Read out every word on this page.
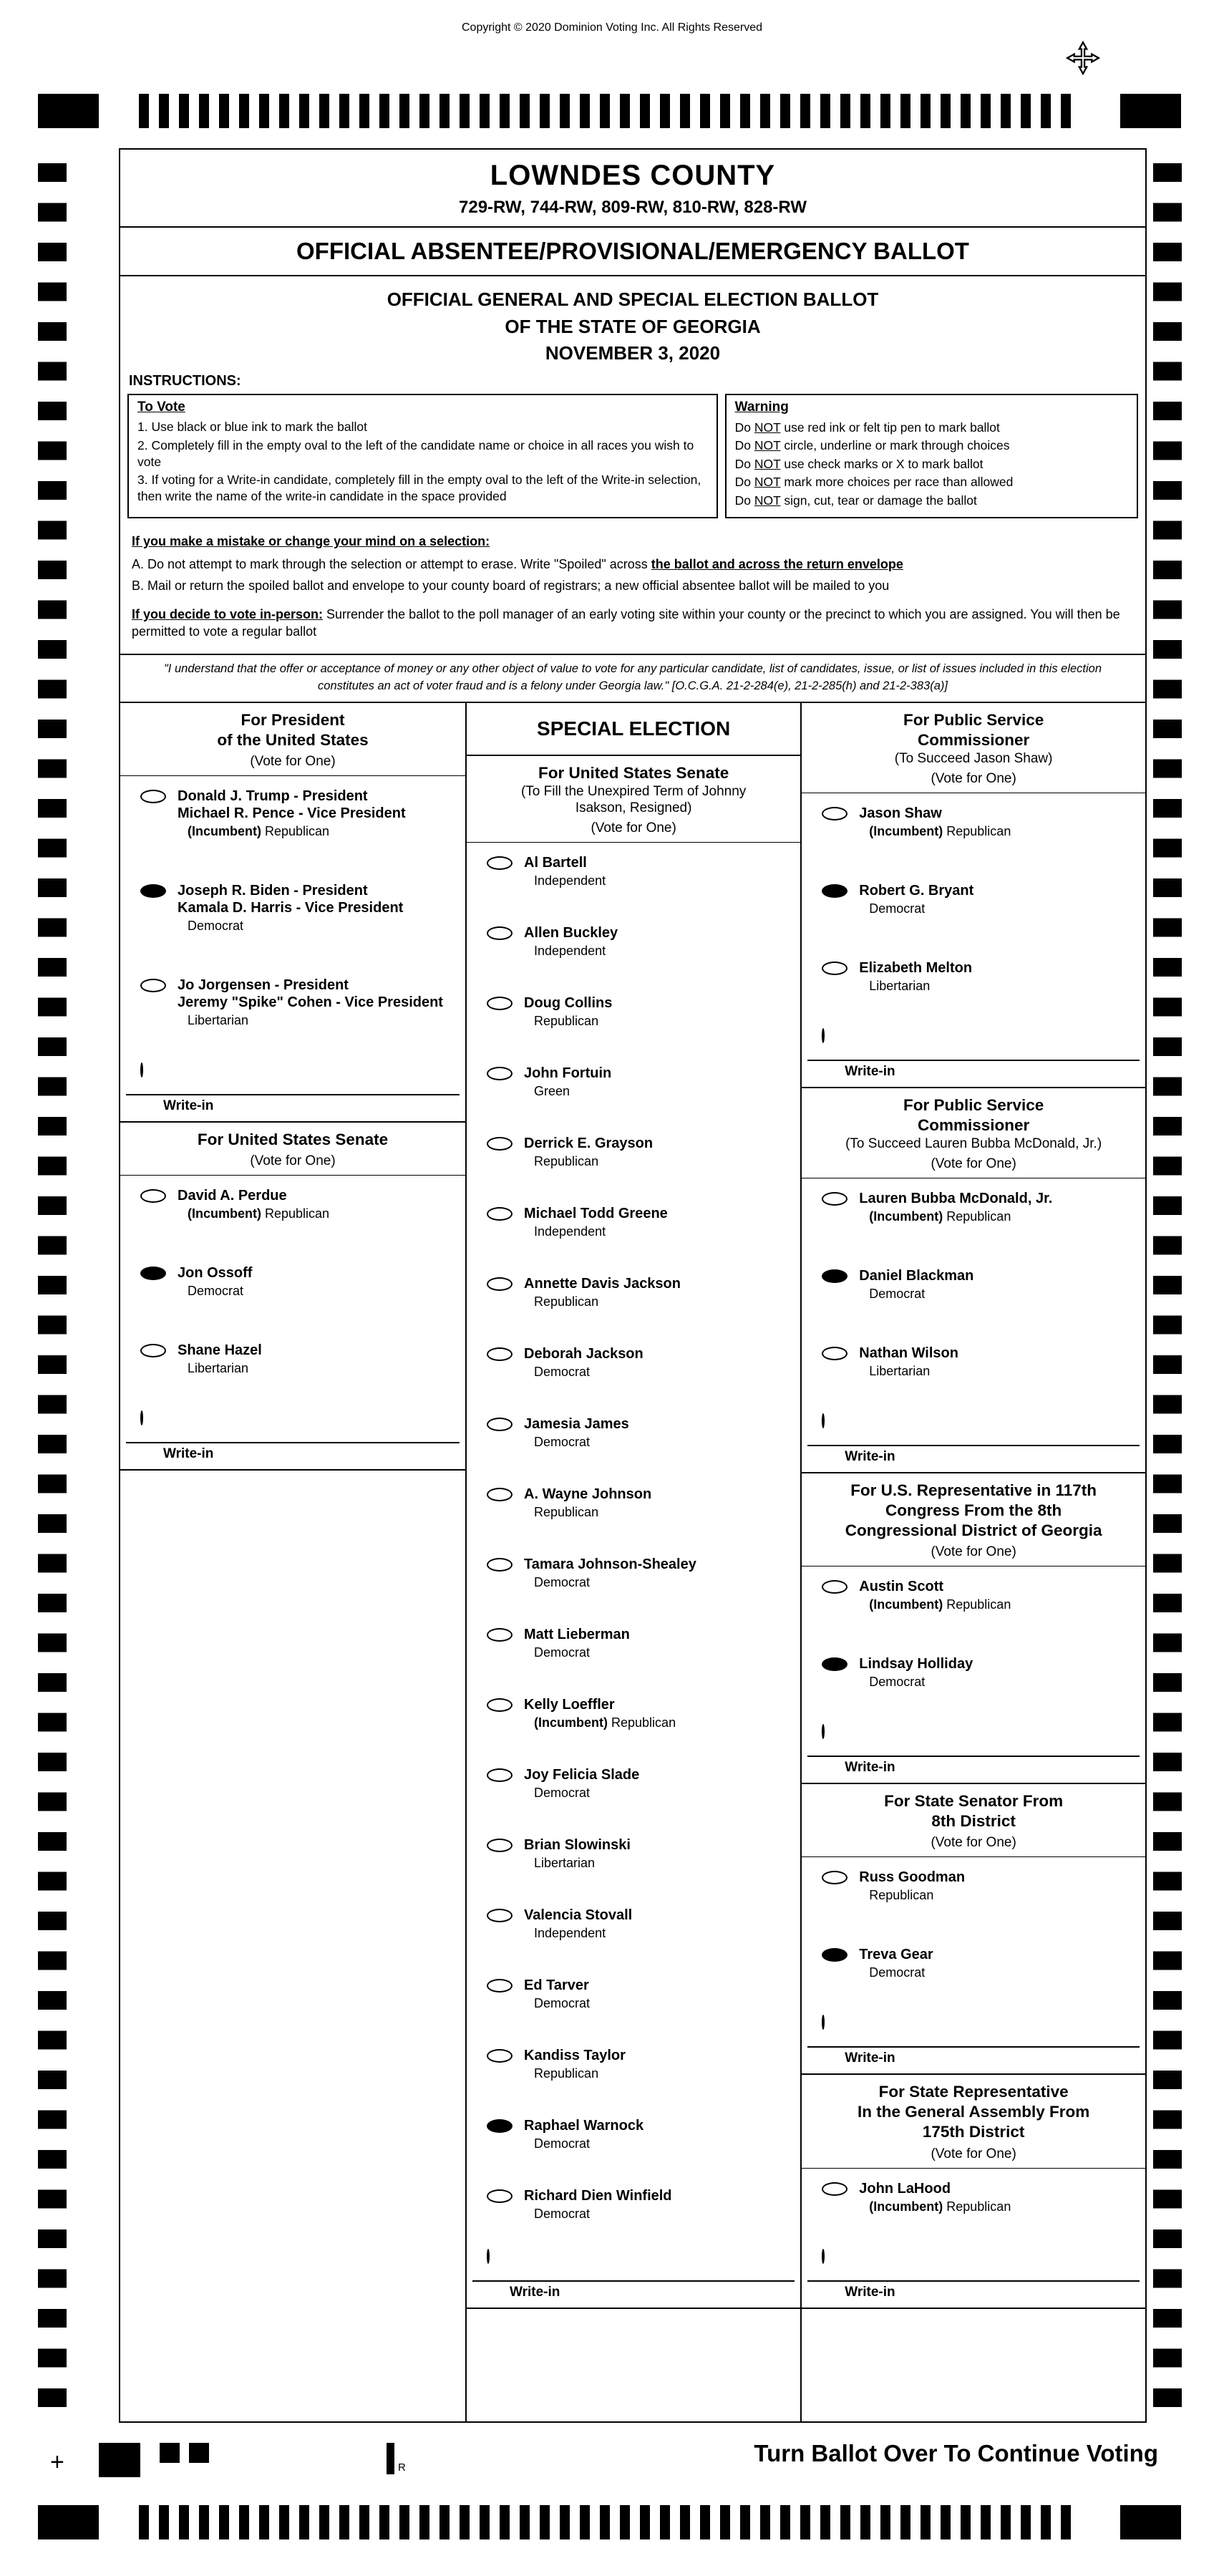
Copyright © 2020 Dominion Voting Inc. All Rights Reserved
LOWNDES COUNTY
729-RW, 744-RW, 809-RW, 810-RW, 828-RW
OFFICIAL ABSENTEE/PROVISIONAL/EMERGENCY BALLOT
OFFICIAL GENERAL AND SPECIAL ELECTION BALLOT
OF THE STATE OF GEORGIA
NOVEMBER 3, 2020
INSTRUCTIONS:
To Vote
1. Use black or blue ink to mark the ballot
2. Completely fill in the empty oval to the left of the candidate name or choice in all races you wish to vote
3. If voting for a Write-in candidate, completely fill in the empty oval to the left of the Write-in selection, then write the name of the write-in candidate in the space provided
Warning
Do NOT use red ink or felt tip pen to mark ballot
Do NOT circle, underline or mark through choices
Do NOT use check marks or X to mark ballot
Do NOT mark more choices per race than allowed
Do NOT sign, cut, tear or damage the ballot
If you make a mistake or change your mind on a selection:
A. Do not attempt to mark through the selection or attempt to erase. Write "Spoiled" across the ballot and across the return envelope
B. Mail or return the spoiled ballot and envelope to your county board of registrars; a new official absentee ballot will be mailed to you
If you decide to vote in-person: Surrender the ballot to the poll manager of an early voting site within your county or the precinct to which you are assigned. You will then be permitted to vote a regular ballot
"I understand that the offer or acceptance of money or any other object of value to vote for any particular candidate, list of candidates, issue, or list of issues included in this election constitutes an act of voter fraud and is a felony under Georgia law." [O.C.G.A. 21-2-284(e), 21-2-285(h) and 21-2-383(a)]
For President
of the United States
(Vote for One)
Donald J. Trump - President
Michael R. Pence - Vice President
(Incumbent) Republican
Joseph R. Biden - President
Kamala D. Harris - Vice President
Democrat
Jo Jorgensen - President
Jeremy "Spike" Cohen - Vice President
Libertarian
Write-in
For United States Senate
(Vote for One)
David A. Perdue
(Incumbent) Republican
Jon Ossoff
Democrat
Shane Hazel
Libertarian
Write-in
SPECIAL ELECTION
For United States Senate
(To Fill the Unexpired Term of Johnny
Isakson, Resigned)
(Vote for One)
Al Bartell
Independent
Allen Buckley
Independent
Doug Collins
Republican
John Fortuin
Green
Derrick E. Grayson
Republican
Michael Todd Greene
Independent
Annette Davis Jackson
Republican
Deborah Jackson
Democrat
Jamesia James
Democrat
A. Wayne Johnson
Republican
Tamara Johnson-Shealey
Democrat
Matt Lieberman
Democrat
Kelly Loeffler
(Incumbent) Republican
Joy Felicia Slade
Democrat
Brian Slowinski
Libertarian
Valencia Stovall
Independent
Ed Tarver
Democrat
Kandiss Taylor
Republican
Raphael Warnock
Democrat
Richard Dien Winfield
Democrat
Write-in
For Public Service
Commissioner
(To Succeed Jason Shaw)
(Vote for One)
Jason Shaw
(Incumbent) Republican
Robert G. Bryant
Democrat
Elizabeth Melton
Libertarian
Write-in
For Public Service
Commissioner
(To Succeed Lauren Bubba McDonald, Jr.)
(Vote for One)
Lauren Bubba McDonald, Jr.
(Incumbent) Republican
Daniel Blackman
Democrat
Nathan Wilson
Libertarian
Write-in
For U.S. Representative in 117th
Congress From the 8th
Congressional District of Georgia
(Vote for One)
Austin Scott
(Incumbent) Republican
Lindsay Holliday
Democrat
Write-in
For State Senator From
8th District
(Vote for One)
Russ Goodman
Republican
Treva Gear
Democrat
Write-in
For State Representative
In the General Assembly From
175th District
(Vote for One)
John LaHood
(Incumbent) Republican
Write-in
+	R
Turn Ballot Over To Continue Voting
